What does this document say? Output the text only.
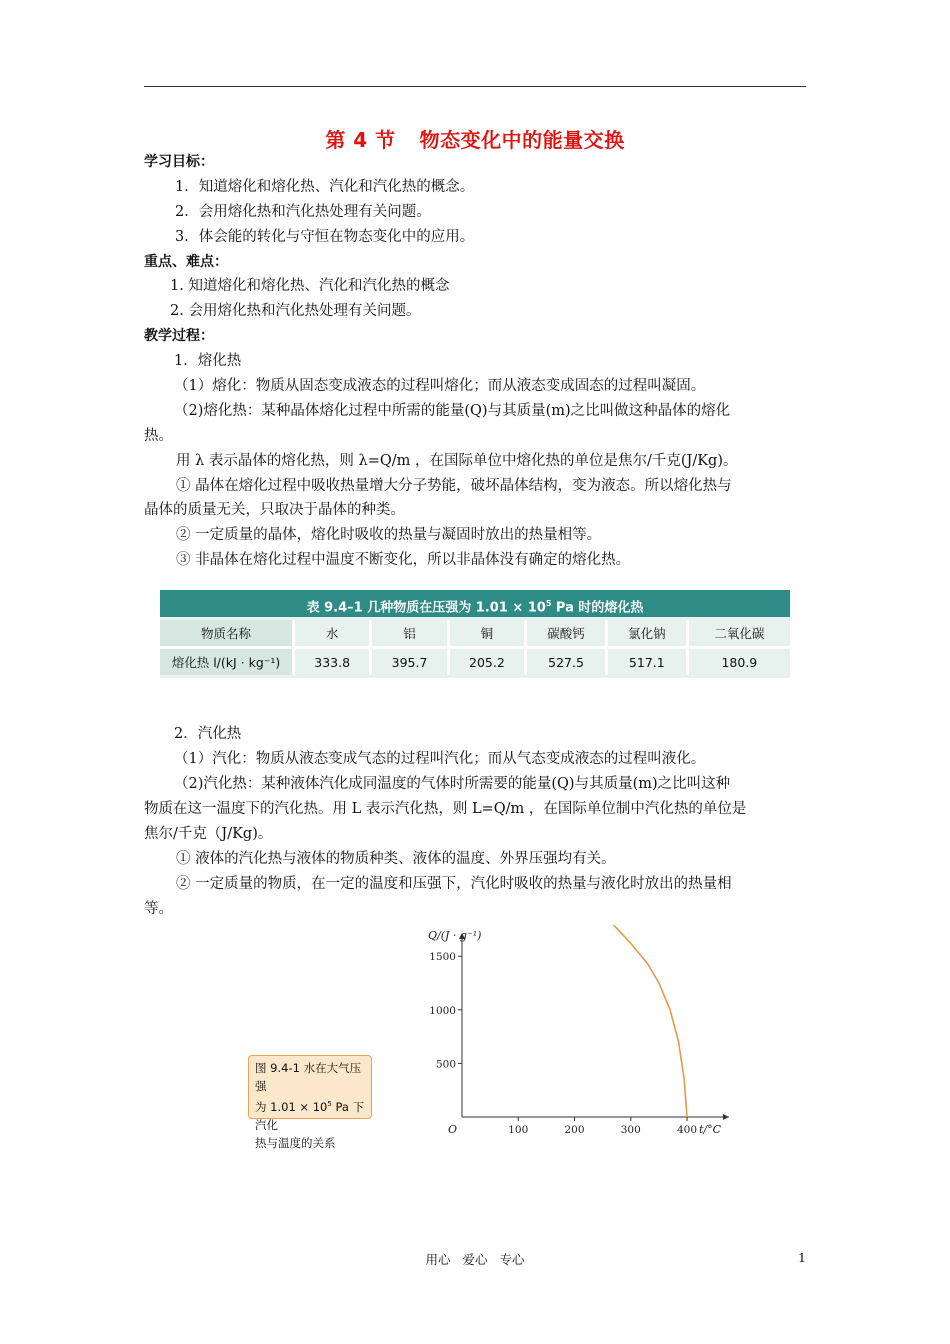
第 4 节 物态变化中的能量交换
学习目标：
1．知道熔化和熔化热、汽化和汽化热的概念。
2．会用熔化热和汽化热处理有关问题。
3．体会能的转化与守恒在物态变化中的应用。
重点、难点：
1. 知道熔化和熔化热、汽化和汽化热的概念
2. 会用熔化热和汽化热处理有关问题。
教学过程：
1．熔化热
（1）熔化：物质从固态变成液态的过程叫熔化；而从液态变成固态的过程叫凝固。
（2)熔化热：某种晶体熔化过程中所需的能量(Q)与其质量(m)之比叫做这种晶体的熔化
热。
用 λ 表示晶体的熔化热，则 λ=Q/m ，在国际单位中熔化热的单位是焦尔/千克(J/Kg)。
① 晶体在熔化过程中吸收热量增大分子势能，破坏晶体结构，变为液态。所以熔化热与
晶体的质量无关，只取决于晶体的种类。
② 一定质量的晶体，熔化时吸收的热量与凝固时放出的热量相等。
③ 非晶体在熔化过程中温度不断变化，所以非晶体没有确定的熔化热。
表 9.4–1 几种物质在压强为 $1.01 \times 10^5$ Pa 时的熔化热
物质名称	水	铝	铜	碳酸钙	氯化钠	二氧化碳
熔化热 l/(kJ · kg⁻¹)	333.8	395.7	205.2	527.5	517.1	180.9
2．汽化热
（1）汽化：物质从液态变成气态的过程叫汽化；而从气态变成液态的过程叫液化。
（2)汽化热：某种液体汽化成同温度的气体时所需要的能量(Q)与其质量(m)之比叫这种
物质在这一温度下的汽化热。用 L 表示汽化热，则 L=Q/m ，在国际单位制中汽化热的单位是
焦尔/千克（J/Kg)。
① 液体的汽化热与液体的物质种类、液体的温度、外界压强均有关。
② 一定质量的物质，在一定的温度和压强下，汽化时吸收的热量与液化时放出的热量相
等。
500
1000
1500
100	200	300	400
O
Q/(J · g⁻¹)
t/°C
图 9.4-1 水在大气压强
为 $1.01 \times 10^5$ Pa 下汽化
热与温度的关系
用心 爱心 专心	1
